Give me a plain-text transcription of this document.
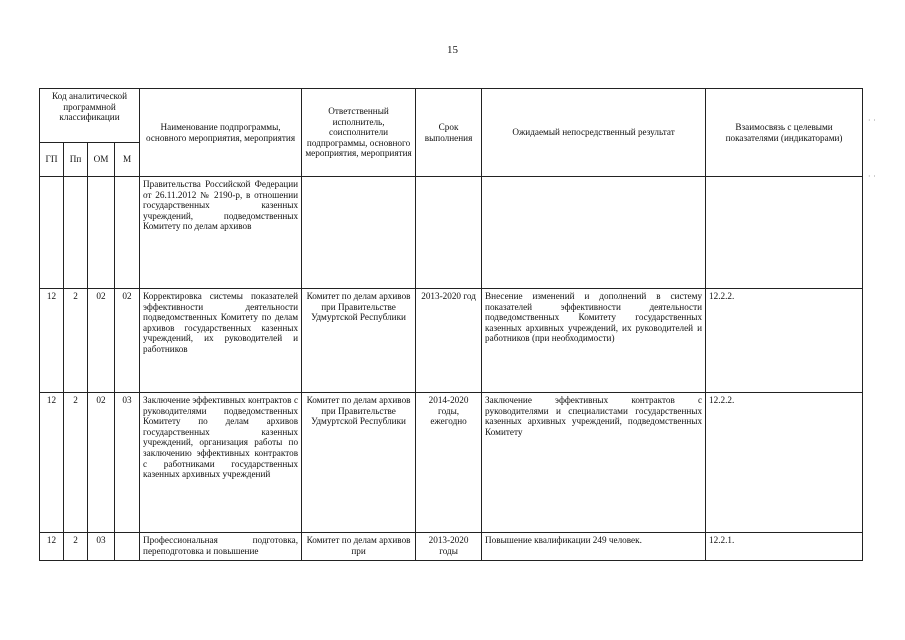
15
Код аналитической программной классификации				Наименование подпрограммы, основного мероприятия, мероприятия	Ответственный исполнитель, соисполнители подпрограммы, основного мероприятия, мероприятия	Срок выполнения	Ожидаемый непосредственный результат	Взаимосвязь с целевыми показателями (индикаторами)
ГП	Пп	ОМ	М					
				Правительства Российской Федерации от 26.11.2012 № 2190-р, в отношении государственных казенных учреждений, подведомственных Комитету по делам архивов				
12	2	02	02	Корректировка системы показателей эффективности деятельности подведомственных Комитету по делам архивов государственных казенных учреждений, их руководителей и работников	Комитет по делам архивов при Правительстве Удмуртской Республики	2013-2020 год	Внесение изменений и дополнений в систему показателей эффективности деятельности подведомственных Комитету государственных казенных архивных учреждений, их руководителей и работников (при необходимости)	12.2.2.
12	2	02	03	Заключение эффективных контрактов с руководителями подведомственных Комитету по делам архивов государственных казенных учреждений, организация работы по заключению эффективных контрактов с работниками государственных казенных архивных учреждений	Комитет по делам архивов при Правительстве Удмуртской Республики	2014-2020 годы, ежегодно	Заключение эффективных контрактов с руководителями и специалистами государственных казенных архивных учреждений, подведомственных Комитету	12.2.2.
12	2	03		Профессиональная подготовка, переподготовка и повышение	Комитет по делам архивов при	2013-2020 годы	Повышение квалификации 249 человек.	12.2.1.
· ·
· ·
